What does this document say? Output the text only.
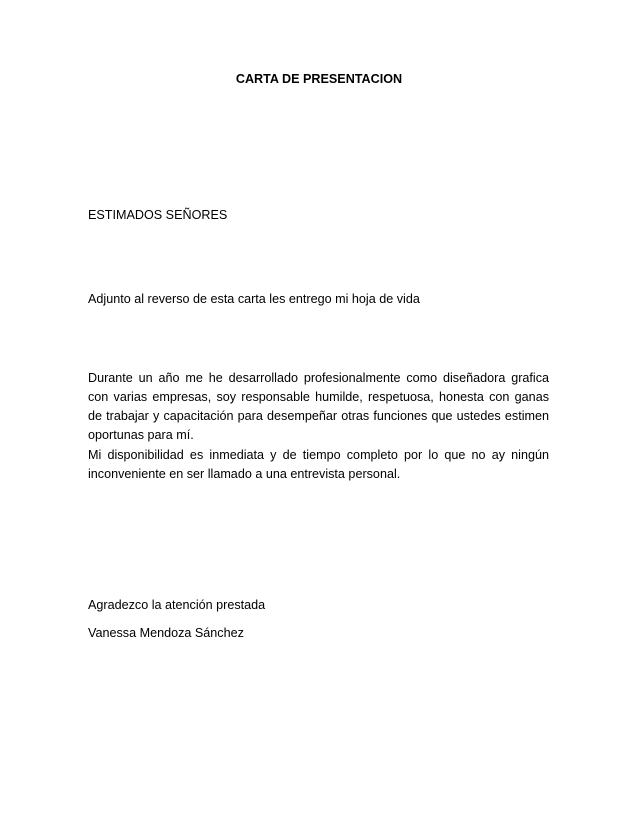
CARTA DE PRESENTACION

ESTIMADOS SEÑORES

Adjunto al reverso de esta carta les entrego mi hoja de vida

Durante un año me he desarrollado profesionalmente como diseñadora grafica con varias empresas, soy responsable humilde, respetuosa, honesta con ganas de trabajar y capacitación para desempeñar otras funciones que ustedes estimen oportunas para mí.

Mi disponibilidad es inmediata y de tiempo completo por lo que no ay ningún inconveniente en ser llamado a una entrevista personal.

Agradezco la atención prestada

Vanessa Mendoza Sánchez
